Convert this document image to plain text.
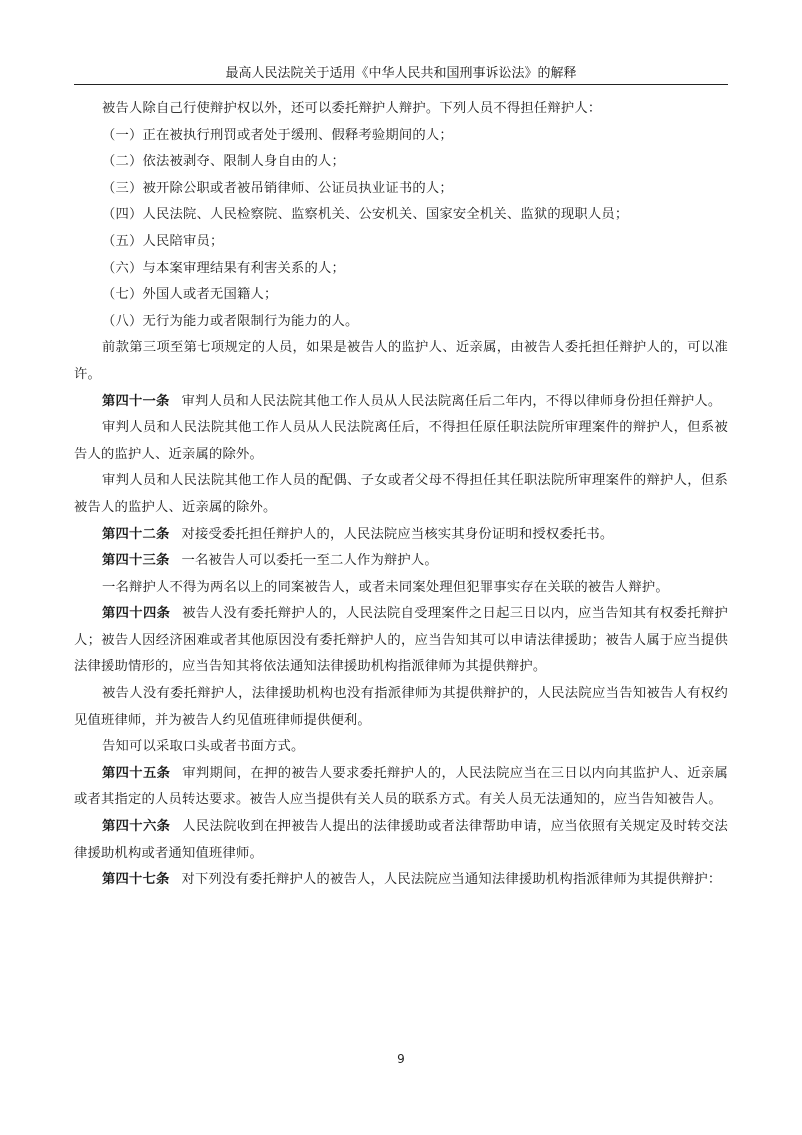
最高人民法院关于适用《中华人民共和国刑事诉讼法》的解释

被告人除自己行使辩护权以外，还可以委托辩护人辩护。下列人员不得担任辩护人：

（一）正在被执行刑罚或者处于缓刑、假释考验期间的人；

（二）依法被剥夺、限制人身自由的人；

（三）被开除公职或者被吊销律师、公证员执业证书的人；

（四）人民法院、人民检察院、监察机关、公安机关、国家安全机关、监狱的现职人员；

（五）人民陪审员；

（六）与本案审理结果有利害关系的人；

（七）外国人或者无国籍人；

（八）无行为能力或者限制行为能力的人。

前款第三项至第七项规定的人员，如果是被告人的监护人、近亲属，由被告人委托担任辩护人的，可以准许。

第四十一条 审判人员和人民法院其他工作人员从人民法院离任后二年内，不得以律师身份担任辩护人。

审判人员和人民法院其他工作人员从人民法院离任后，不得担任原任职法院所审理案件的辩护人，但系被告人的监护人、近亲属的除外。

审判人员和人民法院其他工作人员的配偶、子女或者父母不得担任其任职法院所审理案件的辩护人，但系被告人的监护人、近亲属的除外。

第四十二条 对接受委托担任辩护人的，人民法院应当核实其身份证明和授权委托书。

第四十三条 一名被告人可以委托一至二人作为辩护人。

一名辩护人不得为两名以上的同案被告人，或者未同案处理但犯罪事实存在关联的被告人辩护。

第四十四条 被告人没有委托辩护人的，人民法院自受理案件之日起三日以内，应当告知其有权委托辩护人；被告人因经济困难或者其他原因没有委托辩护人的，应当告知其可以申请法律援助；被告人属于应当提供法律援助情形的，应当告知其将依法通知法律援助机构指派律师为其提供辩护。

被告人没有委托辩护人，法律援助机构也没有指派律师为其提供辩护的，人民法院应当告知被告人有权约见值班律师，并为被告人约见值班律师提供便利。

告知可以采取口头或者书面方式。

第四十五条 审判期间，在押的被告人要求委托辩护人的，人民法院应当在三日以内向其监护人、近亲属或者其指定的人员转达要求。被告人应当提供有关人员的联系方式。有关人员无法通知的，应当告知被告人。

第四十六条 人民法院收到在押被告人提出的法律援助或者法律帮助申请，应当依照有关规定及时转交法律援助机构或者通知值班律师。

第四十七条 对下列没有委托辩护人的被告人，人民法院应当通知法律援助机构指派律师为其提供辩护：

9
